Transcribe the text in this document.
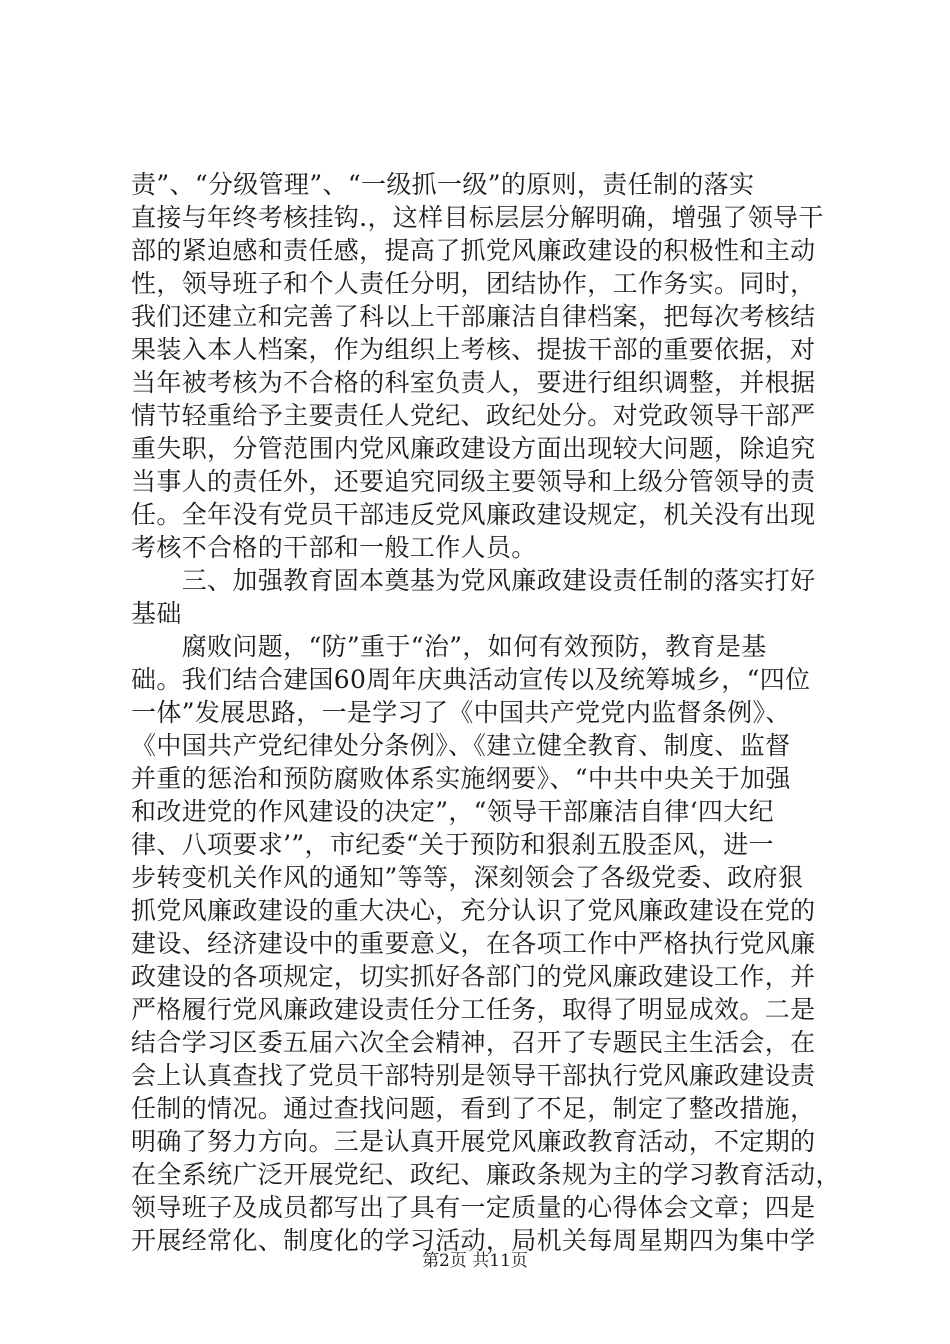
责”、“分级管理”、“一级抓一级”的原则，责任制的落实
直接与年终考核挂钩.，这样目标层层分解明确，增强了领导干
部的紧迫感和责任感，提高了抓党风廉政建设的积极性和主动
性，领导班子和个人责任分明，团结协作，工作务实。同时，
我们还建立和完善了科以上干部廉洁自律档案，把每次考核结
果装入本人档案，作为组织上考核、提拔干部的重要依据，对
当年被考核为不合格的科室负责人，要进行组织调整，并根据
情节轻重给予主要责任人党纪、政纪处分。对党政领导干部严
重失职，分管范围内党风廉政建设方面出现较大问题，除追究
当事人的责任外，还要追究同级主要领导和上级分管领导的责
任。全年没有党员干部违反党风廉政建设规定，机关没有出现
考核不合格的干部和一般工作人员。
　　三、加强教育固本奠基为党风廉政建设责任制的落实打好
基础
　　腐败问题，“防”重于“治”，如何有效预防，教育是基
础。我们结合建国60周年庆典活动宣传以及统筹城乡，“四位
一体”发展思路，一是学习了《中国共产党党内监督条例》、
《中国共产党纪律处分条例》、《建立健全教育、制度、监督
并重的惩治和预防腐败体系实施纲要》、“中共中央关于加强
和改进党的作风建设的决定”，“领导干部廉洁自律‘四大纪
律、八项要求’”，市纪委“关于预防和狠刹五股歪风，进一
步转变机关作风的通知”等等，深刻领会了各级党委、政府狠
抓党风廉政建设的重大决心，充分认识了党风廉政建设在党的
建设、经济建设中的重要意义，在各项工作中严格执行党风廉
政建设的各项规定，切实抓好各部门的党风廉政建设工作，并
严格履行党风廉政建设责任分工任务，取得了明显成效。二是
结合学习区委五届六次全会精神，召开了专题民主生活会，在
会上认真查找了党员干部特别是领导干部执行党风廉政建设责
任制的情况。通过查找问题，看到了不足，制定了整改措施，
明确了努力方向。三是认真开展党风廉政教育活动，不定期的
在全系统广泛开展党纪、政纪、廉政条规为主的学习教育活动，
领导班子及成员都写出了具有一定质量的心得体会文章；四是
开展经常化、制度化的学习活动，局机关每周星期四为集中学
第2页 共11页
